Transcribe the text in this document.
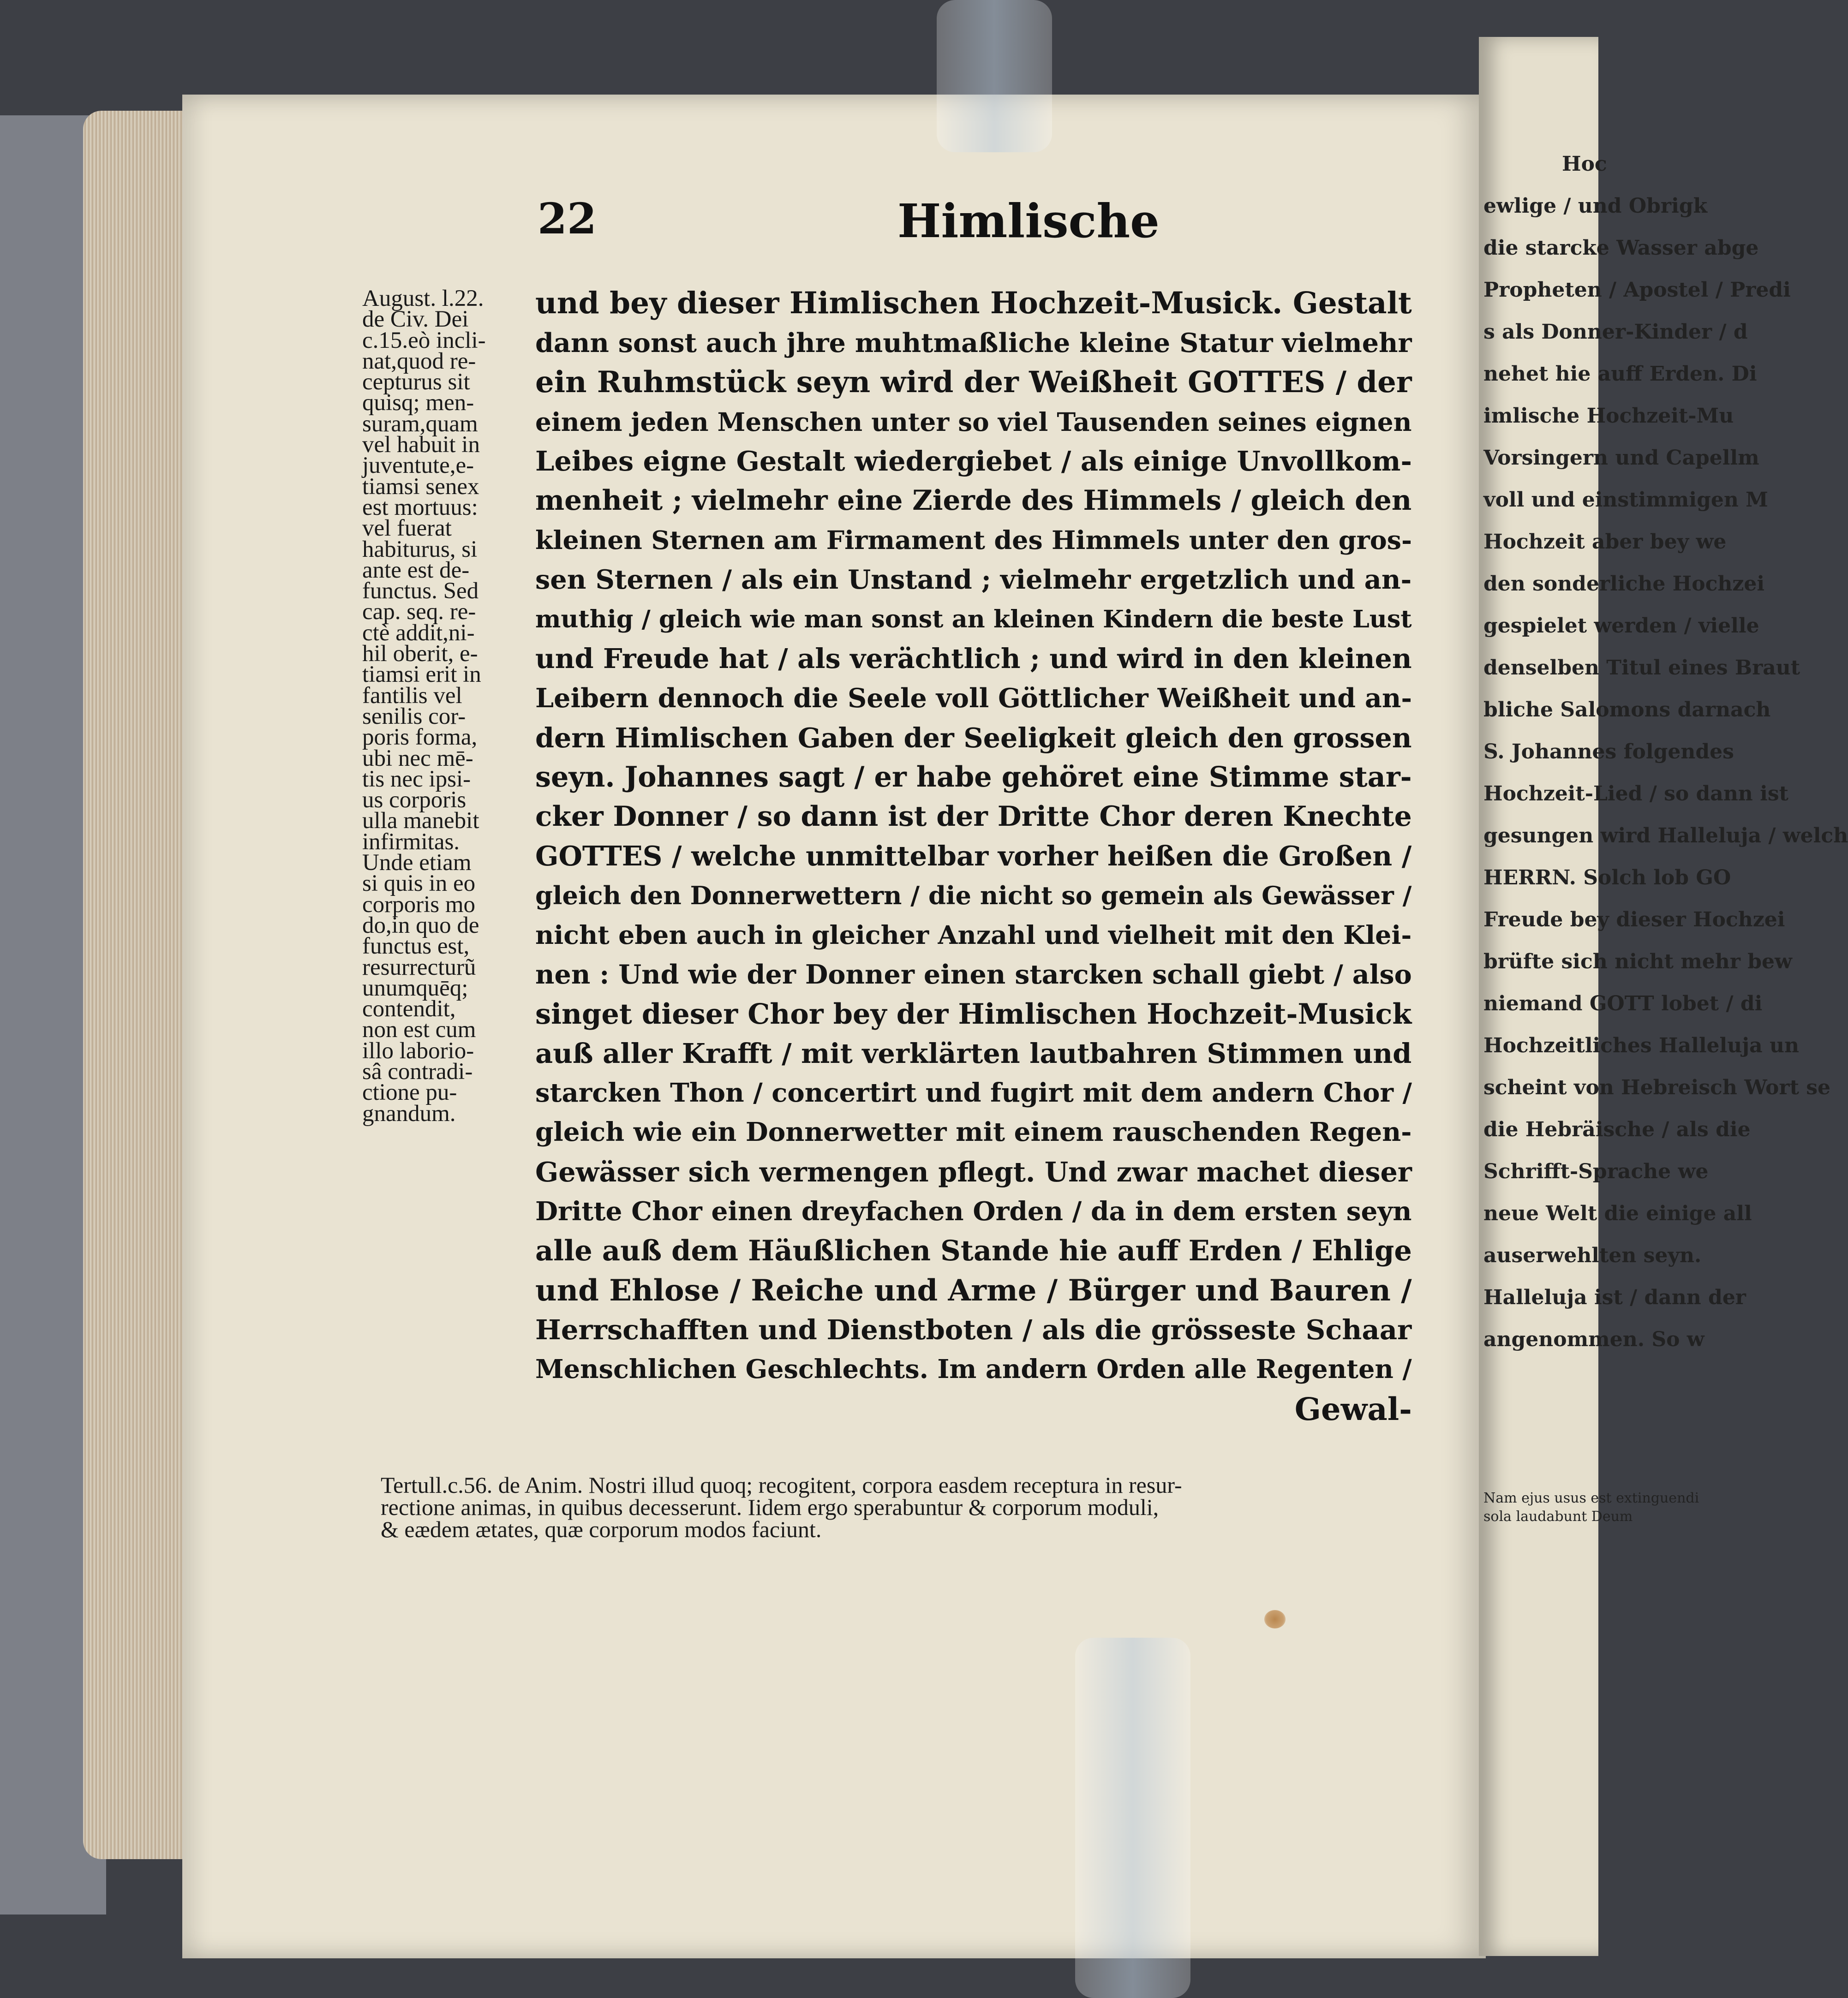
Hoc
ewlige / und Obrigk
die starcke Wasser abge
Propheten / Apostel / Predi
s als Donner-Kinder / d
nehet hie auff Erden. Di
imlische Hochzeit-Mu
Vorsingern und Capellm
voll und einstimmigen M
Hochzeit aber bey we
den sonderliche Hochzei
gespielet werden / vielle
denselben Titul eines Braut
bliche Salomons darnach
S. Johannes folgendes
Hochzeit-Lied / so dann ist
gesungen wird Halleluja / welch
HERRN. Solch lob GO
Freude bey dieser Hochzei
brüfte sich nicht mehr bew
niemand GOTT lobet / di
Hochzeitliches Halleluja un
scheint von Hebreisch Wort se
die Hebräische / als die
Schrifft-Sprache we
neue Welt die einige all
auserwehlten seyn.
Halleluja ist / dann der
angenommen. So w
Nam ejus usus est extinguendi
sola laudabunt Deum
22	Himlische
August. l.22.
de Civ. Dei
c.15.eò incli-
nat,quod re-
cepturus sit
quisq; men-
suram,quam
vel habuit in
juventute,e-
tiamsi senex
est mortuus:
vel fuerat
habiturus, si
ante est de-
functus. Sed
cap. seq. re-
ctè addit,ni-
hil oberit, e-
tiamsi erit in
fantilis vel
senilis cor-
poris forma,
ubi nec mē-
tis nec ipsi-
us corporis
ulla manebit
infirmitas.
Unde etiam
si quis in eo
corporis mo
do,in quo de
functus est,
resurrecturũ
unumquēq;
contendit,
non est cum
illo laborio-
sâ contradi-
ctione pu-
gnandum.
und bey dieser Himlischen Hochzeit-Musick. Gestalt
dann sonst auch jhre muhtmaßliche kleine Statur vielmehr
ein Ruhmstück seyn wird der Weißheit GOTTES / der
einem jeden Menschen unter so viel Tausenden seines eignen
Leibes eigne Gestalt wiedergiebet / als einige Unvollkom-
menheit ; vielmehr eine Zierde des Himmels / gleich den
kleinen Sternen am Firmament des Himmels unter den gros-
sen Sternen / als ein Unstand ; vielmehr ergetzlich und an-
muthig / gleich wie man sonst an kleinen Kindern die beste Lust
und Freude hat / als verächtlich ; und wird in den kleinen
Leibern dennoch die Seele voll Göttlicher Weißheit und an-
dern Himlischen Gaben der Seeligkeit gleich den grossen
seyn. Johannes sagt / er habe gehöret eine Stimme star-
cker Donner / so dann ist der Dritte Chor deren Knechte
GOTTES / welche unmittelbar vorher heißen die Großen /
gleich den Donnerwettern / die nicht so gemein als Gewässer /
nicht eben auch in gleicher Anzahl und vielheit mit den Klei-
nen : Und wie der Donner einen starcken schall giebt / also
singet dieser Chor bey der Himlischen Hochzeit-Musick
auß aller Krafft / mit verklärten lautbahren Stimmen und
starcken Thon / concertirt und fugirt mit dem andern Chor /
gleich wie ein Donnerwetter mit einem rauschenden Regen-
Gewässer sich vermengen pflegt. Und zwar machet dieser
Dritte Chor einen dreyfachen Orden / da in dem ersten seyn
alle auß dem Häußlichen Stande hie auff Erden / Ehlige
und Ehlose / Reiche und Arme / Bürger und Bauren /
Herrschafften und Dienstboten / als die grösseste Schaar
Menschlichen Geschlechts. Im andern Orden alle Regenten /
Gewal-
Tertull.c.56. de Anim. Nostri illud quoq; recogitent, corpora easdem receptura in resur-
rectione animas, in quibus decesserunt. Iidem ergo sperabuntur & corporum moduli,
& eædem ætates, quæ corporum modos faciunt.
